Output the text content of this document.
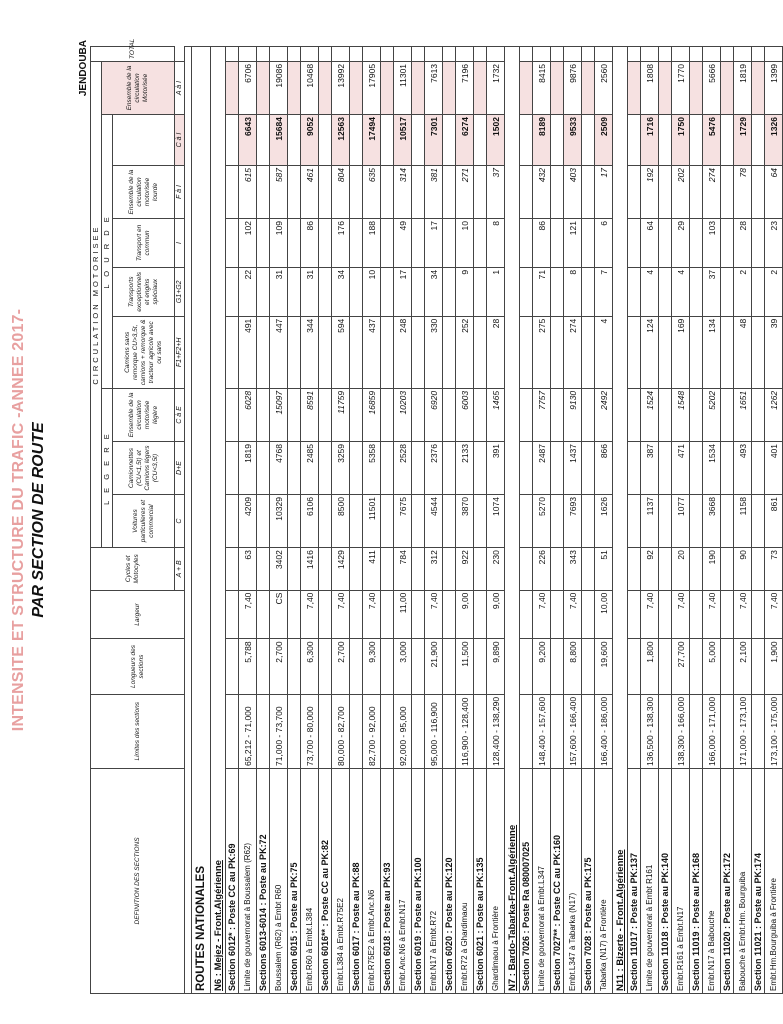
INTENSITE ET STRUCTURE DU TRAFIC -ANNEE 2017- PAR SECTION DE ROUTE
JENDOUBA
DEFINITION DES SECTIONS	Limites des sections	Longueurs des sections	Largeur	Cycles et Motocyles	CIRCULATION MOTORISEE									TOTAL
					L E G E R E			L O U R D E					Ensemble de la circulation Motorisée	
					Voitures particulieres et commercial	Camionnettes (CU<1,5t) et Camions légers (CU<3,5t)	Ensemble de la circulation motorisée légère	Camions sans remorque CU>3,5t, camions + remorque & tracteur agricole avec ou sans	Transports exceptionnels et engins spéciaux	Transport en commun	Ensemble de la circulation motorisée lourde			
				A + B	C	D+E	C à E	F1+F2+H	G1+G2	I	F à I	C à I	A à I	

ROUTES NATIONALES														
N6 : Mejez - Front.Algérienne														
Section 6012* : Poste CC au PK:69														
Limite de gouvernorat à Boussalem (R62)	65,212 - 71,000	5,788	7,40	63	4209	1819	6028	491	22	102	615	6643	6706	
Sections 6013-6014 : Poste au PK:72														
Boussalem (R62) à Embt R60	71,000 - 73,700	2,700	CS	3402	10329	4768	15097	447	31	109	587	15684	19086	
Section 6015 : Poste au PK:75														
Embt.R60 à Embt.L384	73,700 - 80,000	6,300	7,40	1416	6106	2485	8591	344	31	86	461	9052	10468	
Section 6016** : Poste CC au PK:82														
Embt.L384 à Embt.R75E2	80,000 - 82,700	2,700	7,40	1429	8500	3259	11759	594	34	176	804	12563	13992	
Section 6017 : Poste au PK:88														
Embt.R75E2 à Embt.Anc.N6	82,700 - 92,000	9,300	7,40	411	11501	5358	16859	437	10	188	635	17494	17905	
Section 6018 : Poste au PK:93														
Embt.Anc.N6 à Embt.N17	92,000 - 95,000	3,000	11,00	784	7675	2528	10203	248	17	49	314	10517	11301	
Section 6019 : Poste au PK:100														
Embt.N17 à Embt.R72	95,000 - 116,900	21,900	7,40	312	4544	2376	6920	330	34	17	381	7301	7613	
Section 6020 : Poste au PK:120														
Embt.R72 à Ghardimaou	116,900 - 128,400	11,500	9,00	922	3870	2133	6003	252	9	10	271	6274	7196	
Section 6021 : Poste au PK:135														
Ghardimaou à Frontière	128,400 - 138,290	9,890	9,00	230	1074	391	1465	28	1	8	37	1502	1732	
N7 : Bardo-Tabarka-Front.Algérienne														
Section 7026 : Poste Ra 080007025														
Limite de gouvernorat à Embt.L347	148,400 - 157,600	9,200	7,40	226	5270	2487	7757	275	71	86	432	8189	8415	
Section 7027** : Poste CC au PK:160														
Embt.L347 à Tabarka (N17)	157,600 - 166,400	8,800	7,40	343	7693	1437	9130	274	8	121	403	9533	9876	
Section 7028 : Poste au PK:175														
Tabarka (N17) à Frontière	166,400 - 186,000	19,600	10,00	51	1626	866	2492	4	7	6	17	2509	2560	
N11 : Bizerte - Front.Algérienne														
Section 11017 : Poste au PK:137														
Limite de gouvernorat à Embt R161	136,500 - 138,300	1,800	7,40	92	1137	387	1524	124	4	64	192	1716	1808	
Section 11018 : Poste au PK:140														
Embt.R161 à Embt.N17	138,300 - 166,000	27,700	7,40	20	1077	471	1548	169	4	29	202	1750	1770	
Section 11019 : Poste au PK:168														
Embt.N17 à Babouche	166,000 - 171,000	5,000	7,40	190	3668	1534	5202	134	37	103	274	5476	5666	
Section 11020 : Poste au PK:172														
Babouche à Embt.Hm. Bourguiba	171,000 - 173,100	2,100	7,40	90	1158	493	1651	48	2	28	78	1729	1819	
Section 11021 : Poste au PK:174														
Embt.Hm.Bourguiba à Frontière	173,100 - 175,000	1,900	7,40	73	861	401	1262	39	2	23	64	1326	1399	
